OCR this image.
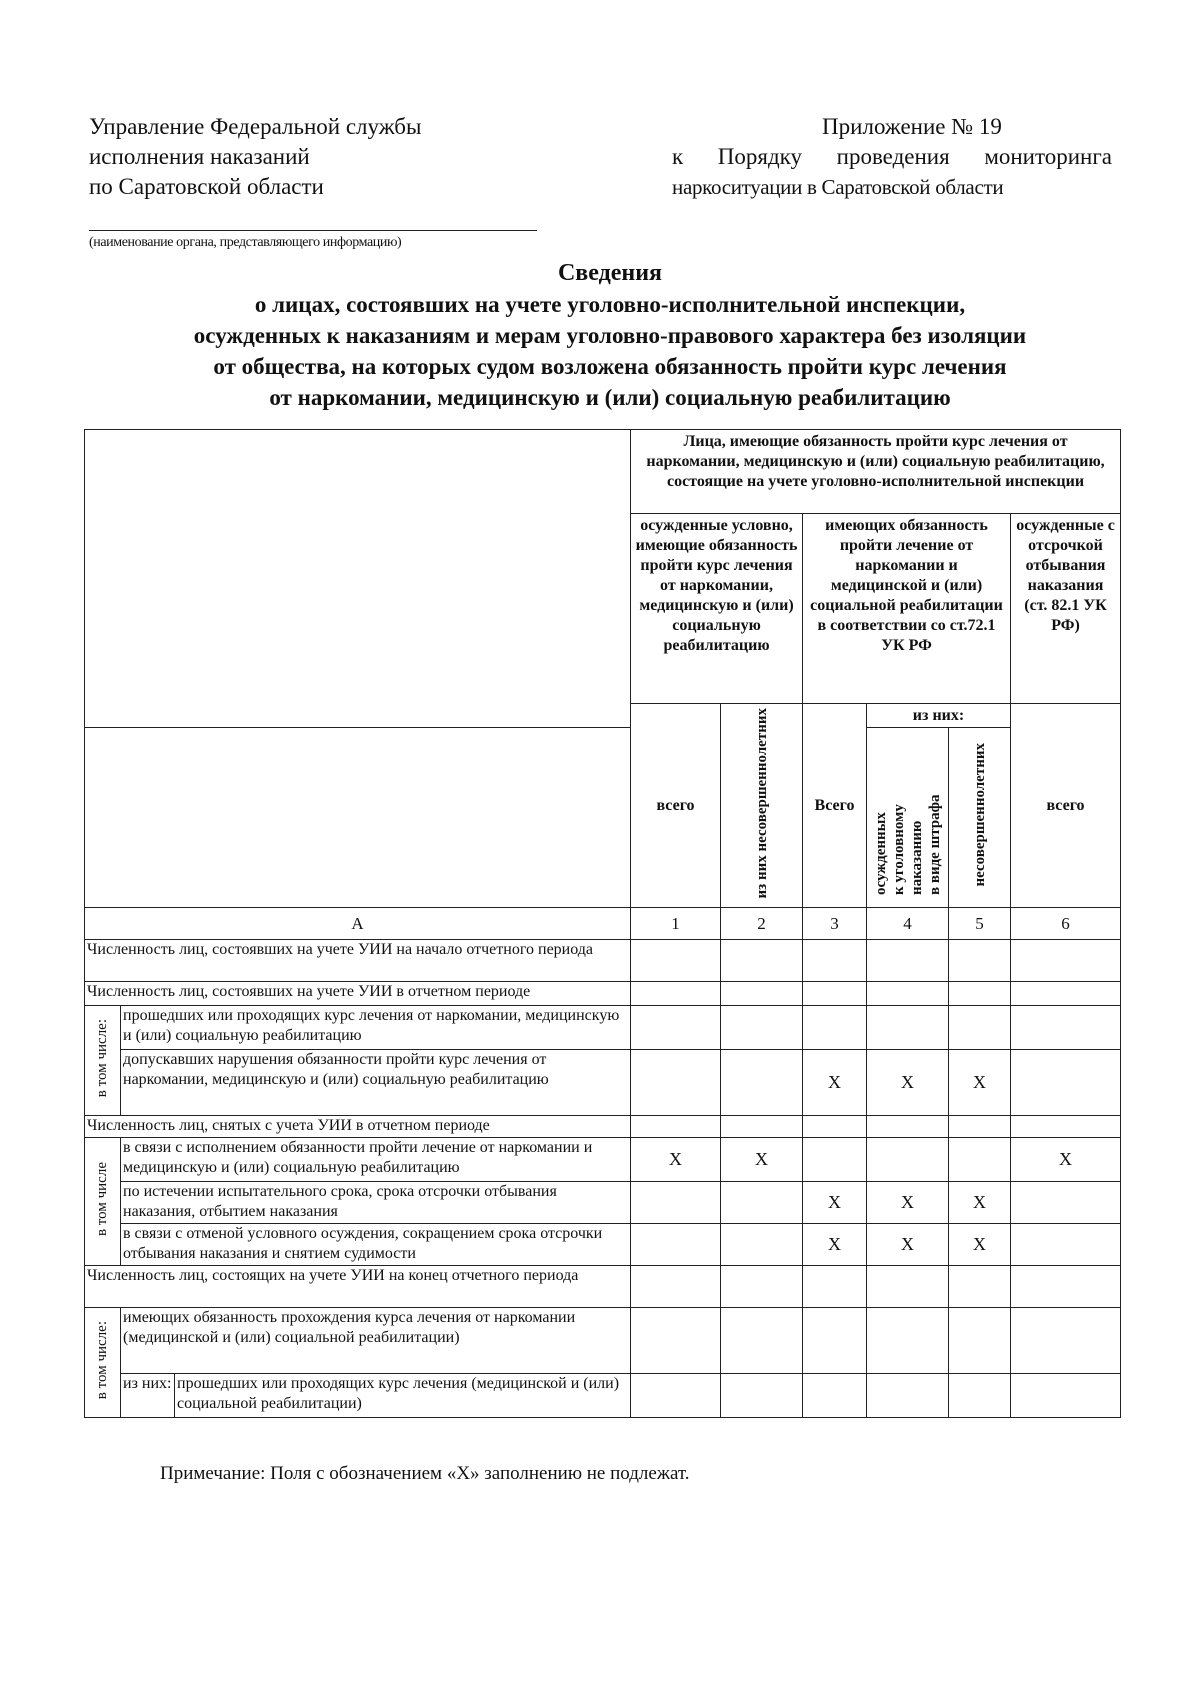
Управление Федеральной службы
исполнения наказаний
по Саратовской области
Приложение № 19
к Порядку проведения мониторинга
наркоситуации в Саратовской области
(наименование органа, представляющего информацию)
Сведения
о лицах, состоявших на учете уголовно-исполнительной инспекции,
осужденных к наказаниям и мерам уголовно-правового характера без изоляции
от общества, на которых судом возложена обязанность пройти курс лечения
от наркомании, медицинскую и (или) социальную реабилитацию
			Лица, имеющие обязанность пройти курс лечения от наркомании, медицинскую и (или) социальную реабилитацию, состоящие на учете уголовно-исполнительной инспекции					
			осужденные условно, имеющие обязанность пройти курс лечения от наркомании, медицинскую и (или) социальную реабилитацию		имеющих обязанность пройти лечение от наркомании и медицинской и (или) социальной реабилитации в соответствии со ст.72.1 УК РФ			осужденные с отсрочкой отбывания наказания (ст. 82.1 УК РФ)
			всего	из них несовершеннолетних	Всего	из них:		всего
						осужденных к уголовному наказанию в виде штрафа	несовершеннолетних	
А			1	2	3	4	5	6
Численность лиц, состоявших на учете УИИ на начало отчетного периода								
Численность лиц, состоявших на учете УИИ в отчетном периоде								
в том числе:	прошедших или проходящих курс лечения от наркомании, медицинскую и (или) социальную реабилитацию							
	допускавших нарушения обязанности пройти курс лечения от наркомании, медицинскую и (или) социальную реабилитацию				X	X	X	
Численность лиц, снятых с учета УИИ в отчетном периоде								
в том числе	в связи с исполнением обязанности пройти лечение от наркомании и медицинскую и (или) социальную реабилитацию		X	X				X
	по истечении испытательного срока, срока отсрочки отбывания наказания, отбытием наказания				X	X	X	
	в связи с отменой условного осуждения, сокращением срока отсрочки отбывания наказания и снятием судимости				X	X	X	
Численность лиц, состоящих на учете УИИ на конец отчетного периода								
в том числе:	имеющих обязанность прохождения курса лечения от наркомании (медицинской и (или) социальной реабилитации)							
	из них:	прошедших или проходящих курс лечения (медицинской и (или) социальной реабилитации)						
Примечание: Поля с обозначением «X» заполнению не подлежат.
